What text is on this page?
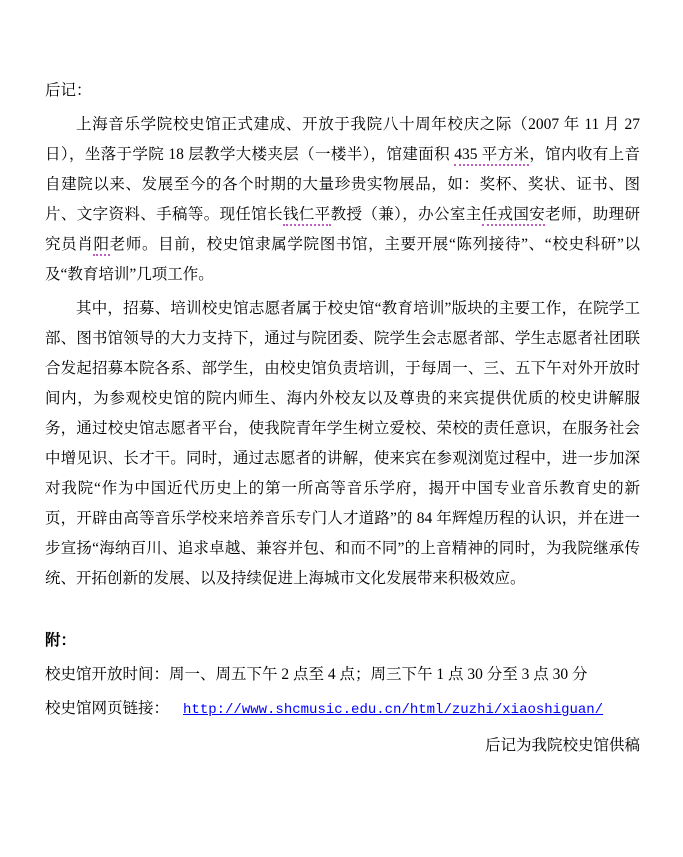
后记：

上海音乐学院校史馆正式建成、开放于我院八十周年校庆之际（2007 年 11 月 27 日），坐落于学院 18 层教学大楼夹层（一楼半），馆建面积 435 平方米，馆内收有上音自建院以来、发展至今的各个时期的大量珍贵实物展品，如：奖杯、奖状、证书、图片、文字资料、手稿等。现任馆长钱仁平教授（兼），办公室主任戎国安老师，助理研究员肖阳老师。目前，校史馆隶属学院图书馆，主要开展“陈列接待”、“校史科研”以及“教育培训”几项工作。

其中，招募、培训校史馆志愿者属于校史馆“教育培训”版块的主要工作，在院学工部、图书馆领导的大力支持下，通过与院团委、院学生会志愿者部、学生志愿者社团联合发起招募本院各系、部学生，由校史馆负责培训，于每周一、三、五下午对外开放时间内，为参观校史馆的院内师生、海内外校友以及尊贵的来宾提供优质的校史讲解服务，通过校史馆志愿者平台，使我院青年学生树立爱校、荣校的责任意识，在服务社会中增见识、长才干。同时，通过志愿者的讲解，使来宾在参观浏览过程中，进一步加深对我院“作为中国近代历史上的第一所高等音乐学府，揭开中国专业音乐教育史的新页，开辟由高等音乐学校来培养音乐专门人才道路”的 84 年辉煌历程的认识，并在进一步宣扬“海纳百川、追求卓越、兼容并包、和而不同”的上音精神的同时，为我院继承传统、开拓创新的发展、以及持续促进上海城市文化发展带来积极效应。

附：
校史馆开放时间：周一、周五下午 2 点至 4 点；周三下午 1 点 30 分至 3 点 30 分
校史馆网页链接： http://www.shcmusic.edu.cn/html/zuzhi/xiaoshiguan/
后记为我院校史馆供稿
